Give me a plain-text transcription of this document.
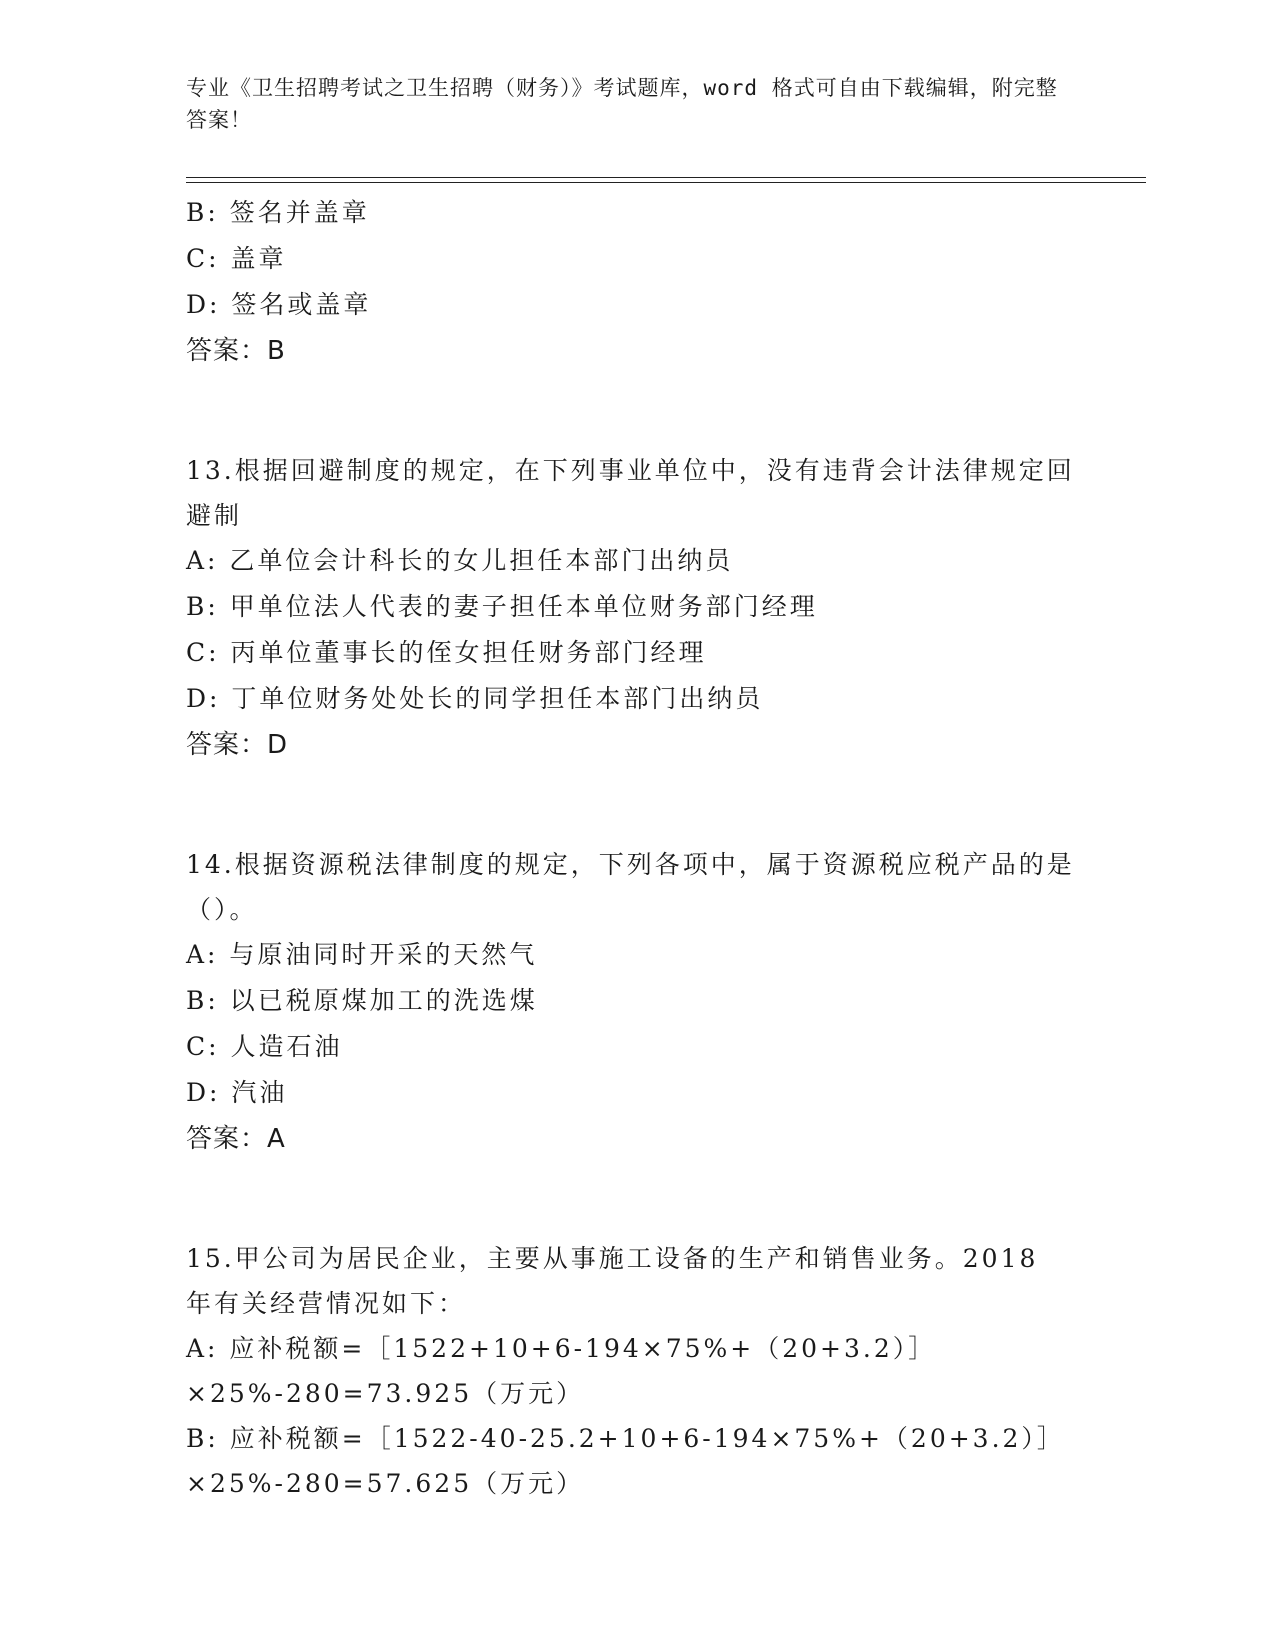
专业《卫生招聘考试之卫生招聘（财务）》考试题库，word 格式可自由下载编辑，附完整答案！
B: 签名并盖章
C: 盖章
D: 签名或盖章
答案：B
13.根据回避制度的规定，在下列事业单位中，没有违背会计法律规定回避制
A: 乙单位会计科长的女儿担任本部门出纳员
B: 甲单位法人代表的妻子担任本单位财务部门经理
C: 丙单位董事长的侄女担任财务部门经理
D: 丁单位财务处处长的同学担任本部门出纳员
答案：D
14.根据资源税法律制度的规定，下列各项中，属于资源税应税产品的是（）。
A: 与原油同时开采的天然气
B: 以已税原煤加工的洗选煤
C: 人造石油
D: 汽油
答案：A
15.甲公司为居民企业，主要从事施工设备的生产和销售业务。2018 年有关经营情况如下：
A: 应补税额=［1522+10+6-194×75%+（20+3.2）］×25%-280=73.925（万元）
B: 应补税额=［1522-40-25.2+10+6-194×75%+（20+3.2）］×25%-280=57.625（万元）
